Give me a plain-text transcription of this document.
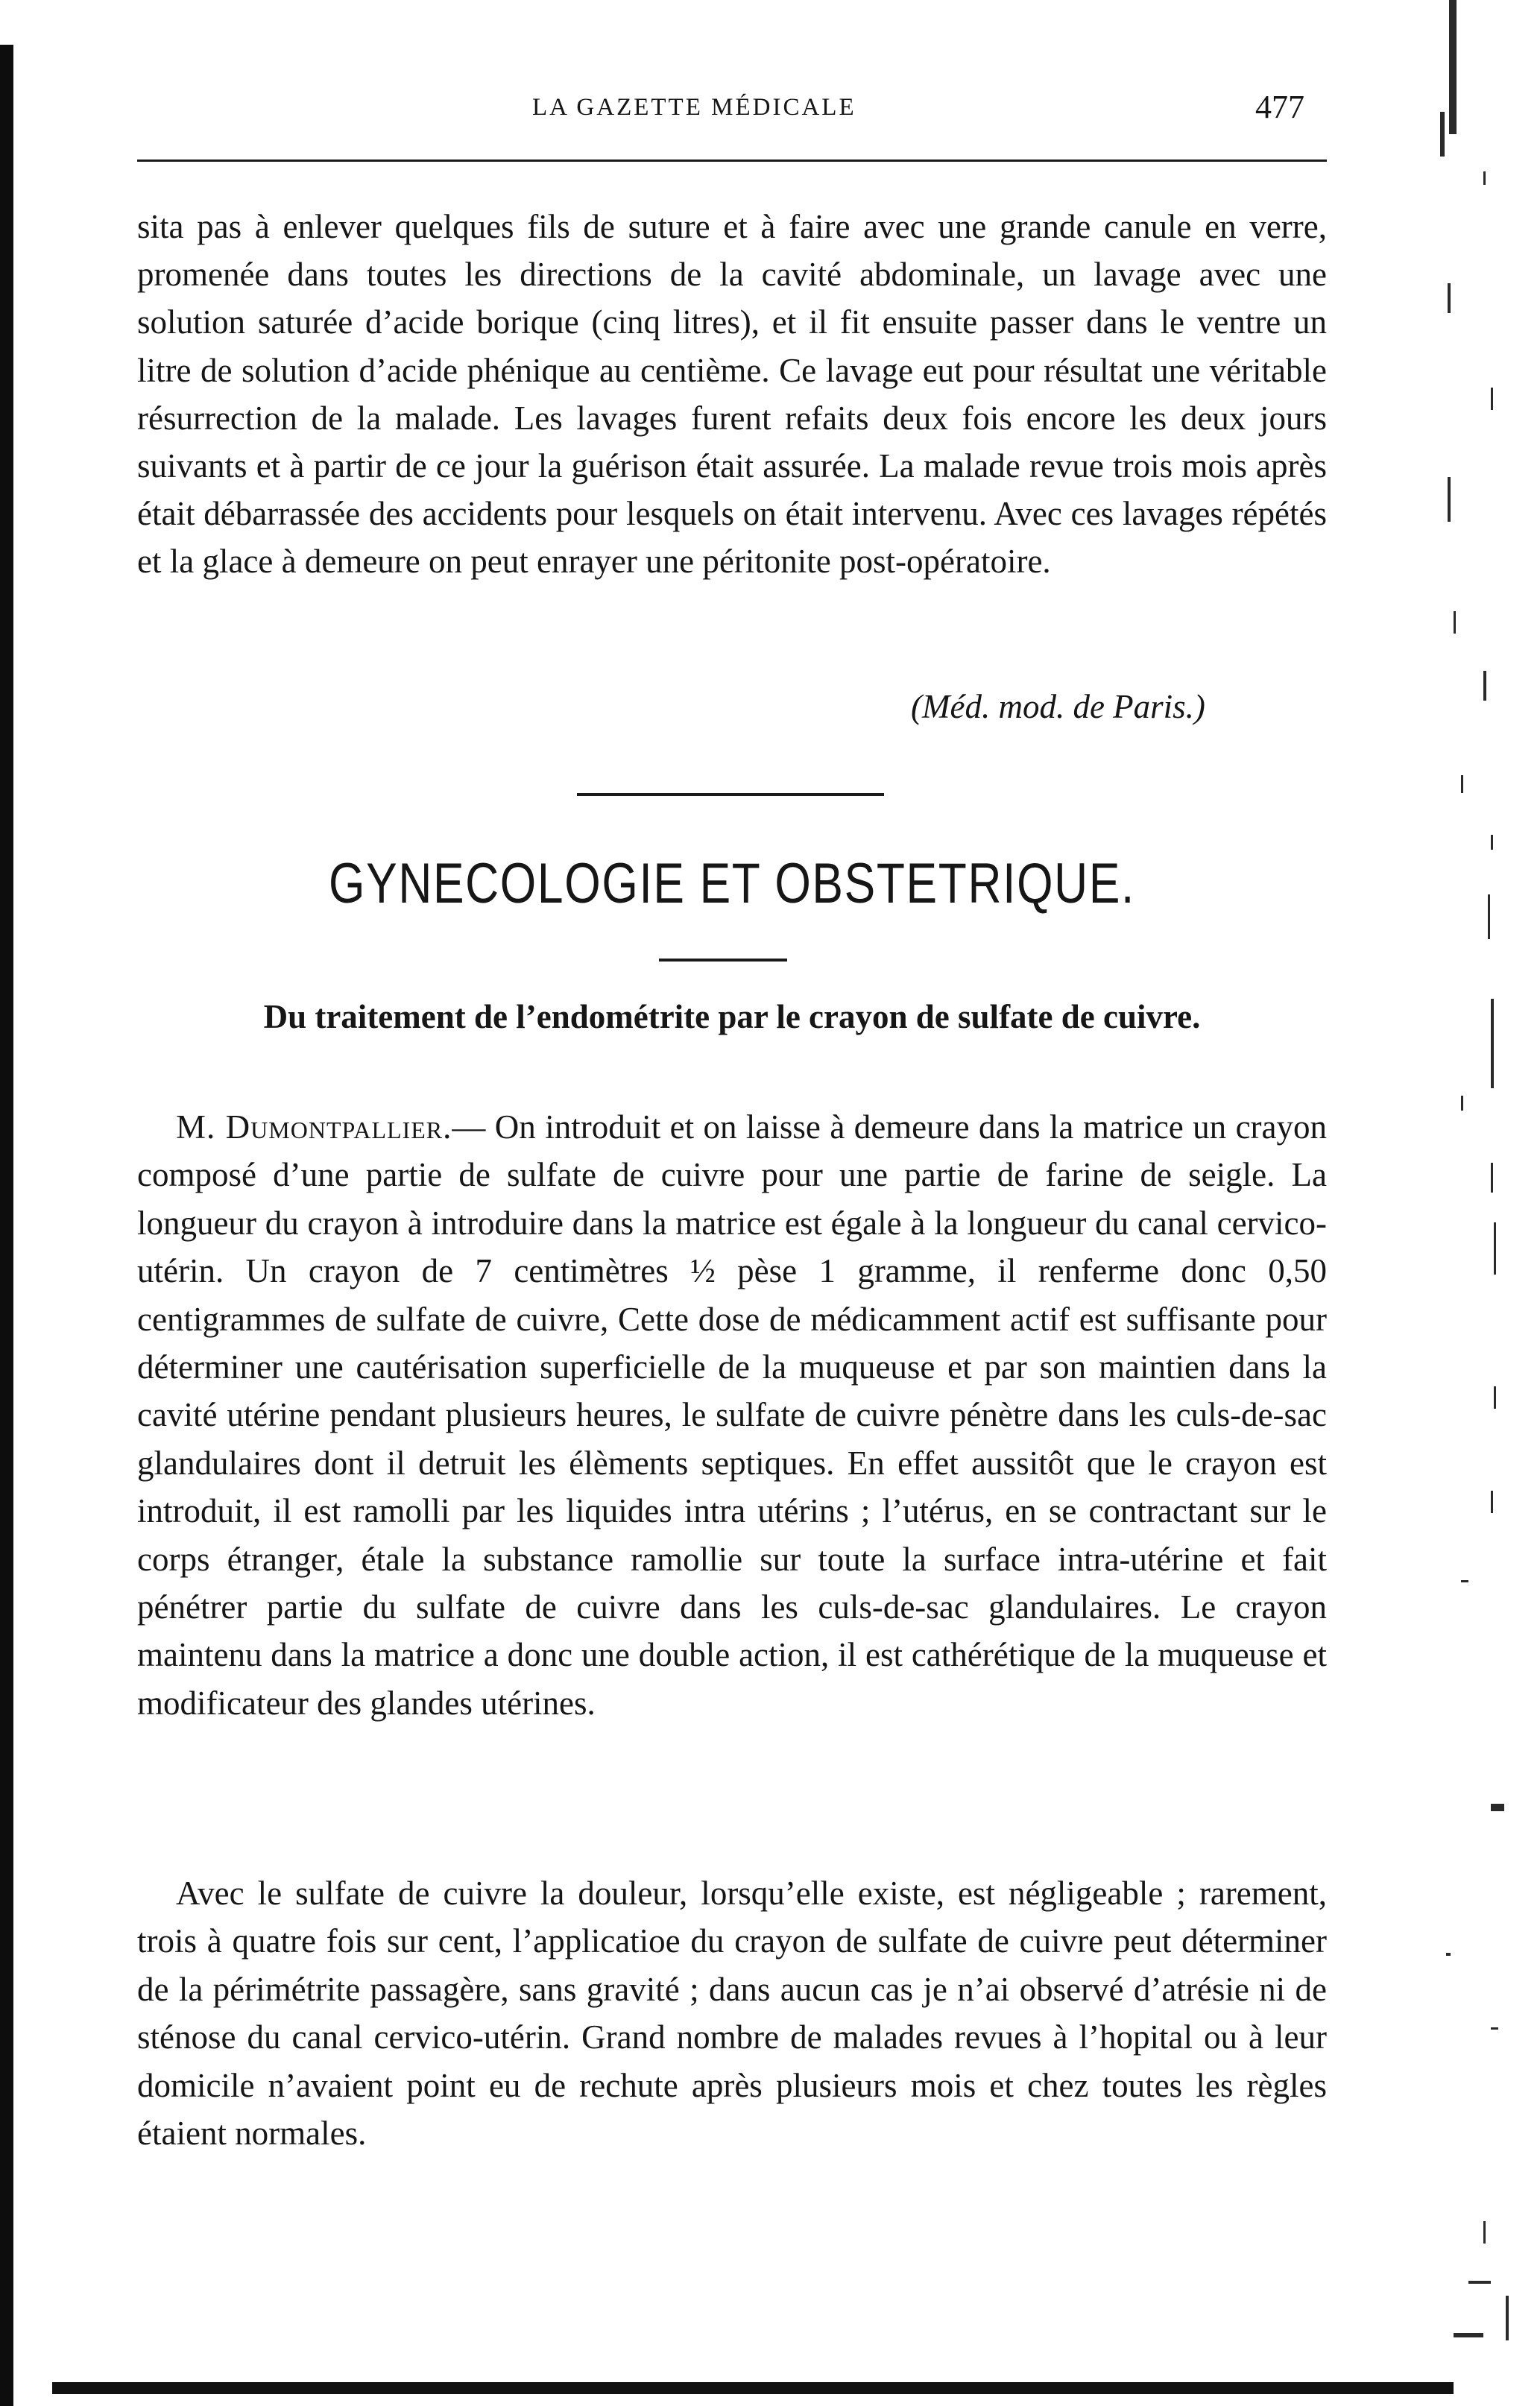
LA GAZETTE MÉDICALE	477

sita pas à enlever quelques fils de suture et à faire avec une grande canule en verre, promenée dans toutes les directions de la cavité abdominale, un lavage avec une solution saturée d’acide borique (cinq litres), et il fit ensuite passer dans le ventre un litre de solution d’acide phénique au centième. Ce lavage eut pour résultat une véritable résurrection de la malade. Les lavages furent refaits deux fois encore les deux jours suivants et à partir de ce jour la guérison était assurée. La malade revue trois mois après était débarrassée des accidents pour lesquels on était intervenu. Avec ces lavages répétés et la glace à demeure on peut enrayer une péritonite post-opératoire.

(Méd. mod. de Paris.)
GYNECOLOGIE ET OBSTETRIQUE.
Du traitement de l’endométrite par le crayon de sulfate de cuivre.

M. Dumontpallier.— On introduit et on laisse à demeure dans la matrice un crayon composé d’une partie de sulfate de cuivre pour une partie de farine de seigle. La longueur du crayon à introduire dans la matrice est égale à la longueur du canal cervico-utérin. Un crayon de 7 centimètres ½ pèse 1 gramme, il renferme donc 0,50 centigrammes de sulfate de cuivre, Cette dose de médicamment actif est suffisante pour déterminer une cautérisation superficielle de la muqueuse et par son maintien dans la cavité utérine pendant plusieurs heures, le sulfate de cuivre pénètre dans les culs-de-sac glandulaires dont il detruit les élèments septiques. En effet aussitôt que le crayon est introduit, il est ramolli par les liquides intra utérins ; l’utérus, en se contractant sur le corps étranger, étale la substance ramollie sur toute la surface intra-utérine et fait pénétrer partie du sulfate de cuivre dans les culs-de-sac glandulaires. Le crayon maintenu dans la matrice a donc une double action, il est cathérétique de la muqueuse et modificateur des glandes utérines.

Avec le sulfate de cuivre la douleur, lorsqu’elle existe, est négligeable ; rarement, trois à quatre fois sur cent, l’applicatioe du crayon de sulfate de cuivre peut déterminer de la périmétrite passagère, sans gravité ; dans aucun cas je n’ai observé d’atrésie ni de sténose du canal cervico-utérin. Grand nombre de malades revues à l’hopital ou à leur domicile n’avaient point eu de rechute après plusieurs mois et chez toutes les règles étaient normales.
